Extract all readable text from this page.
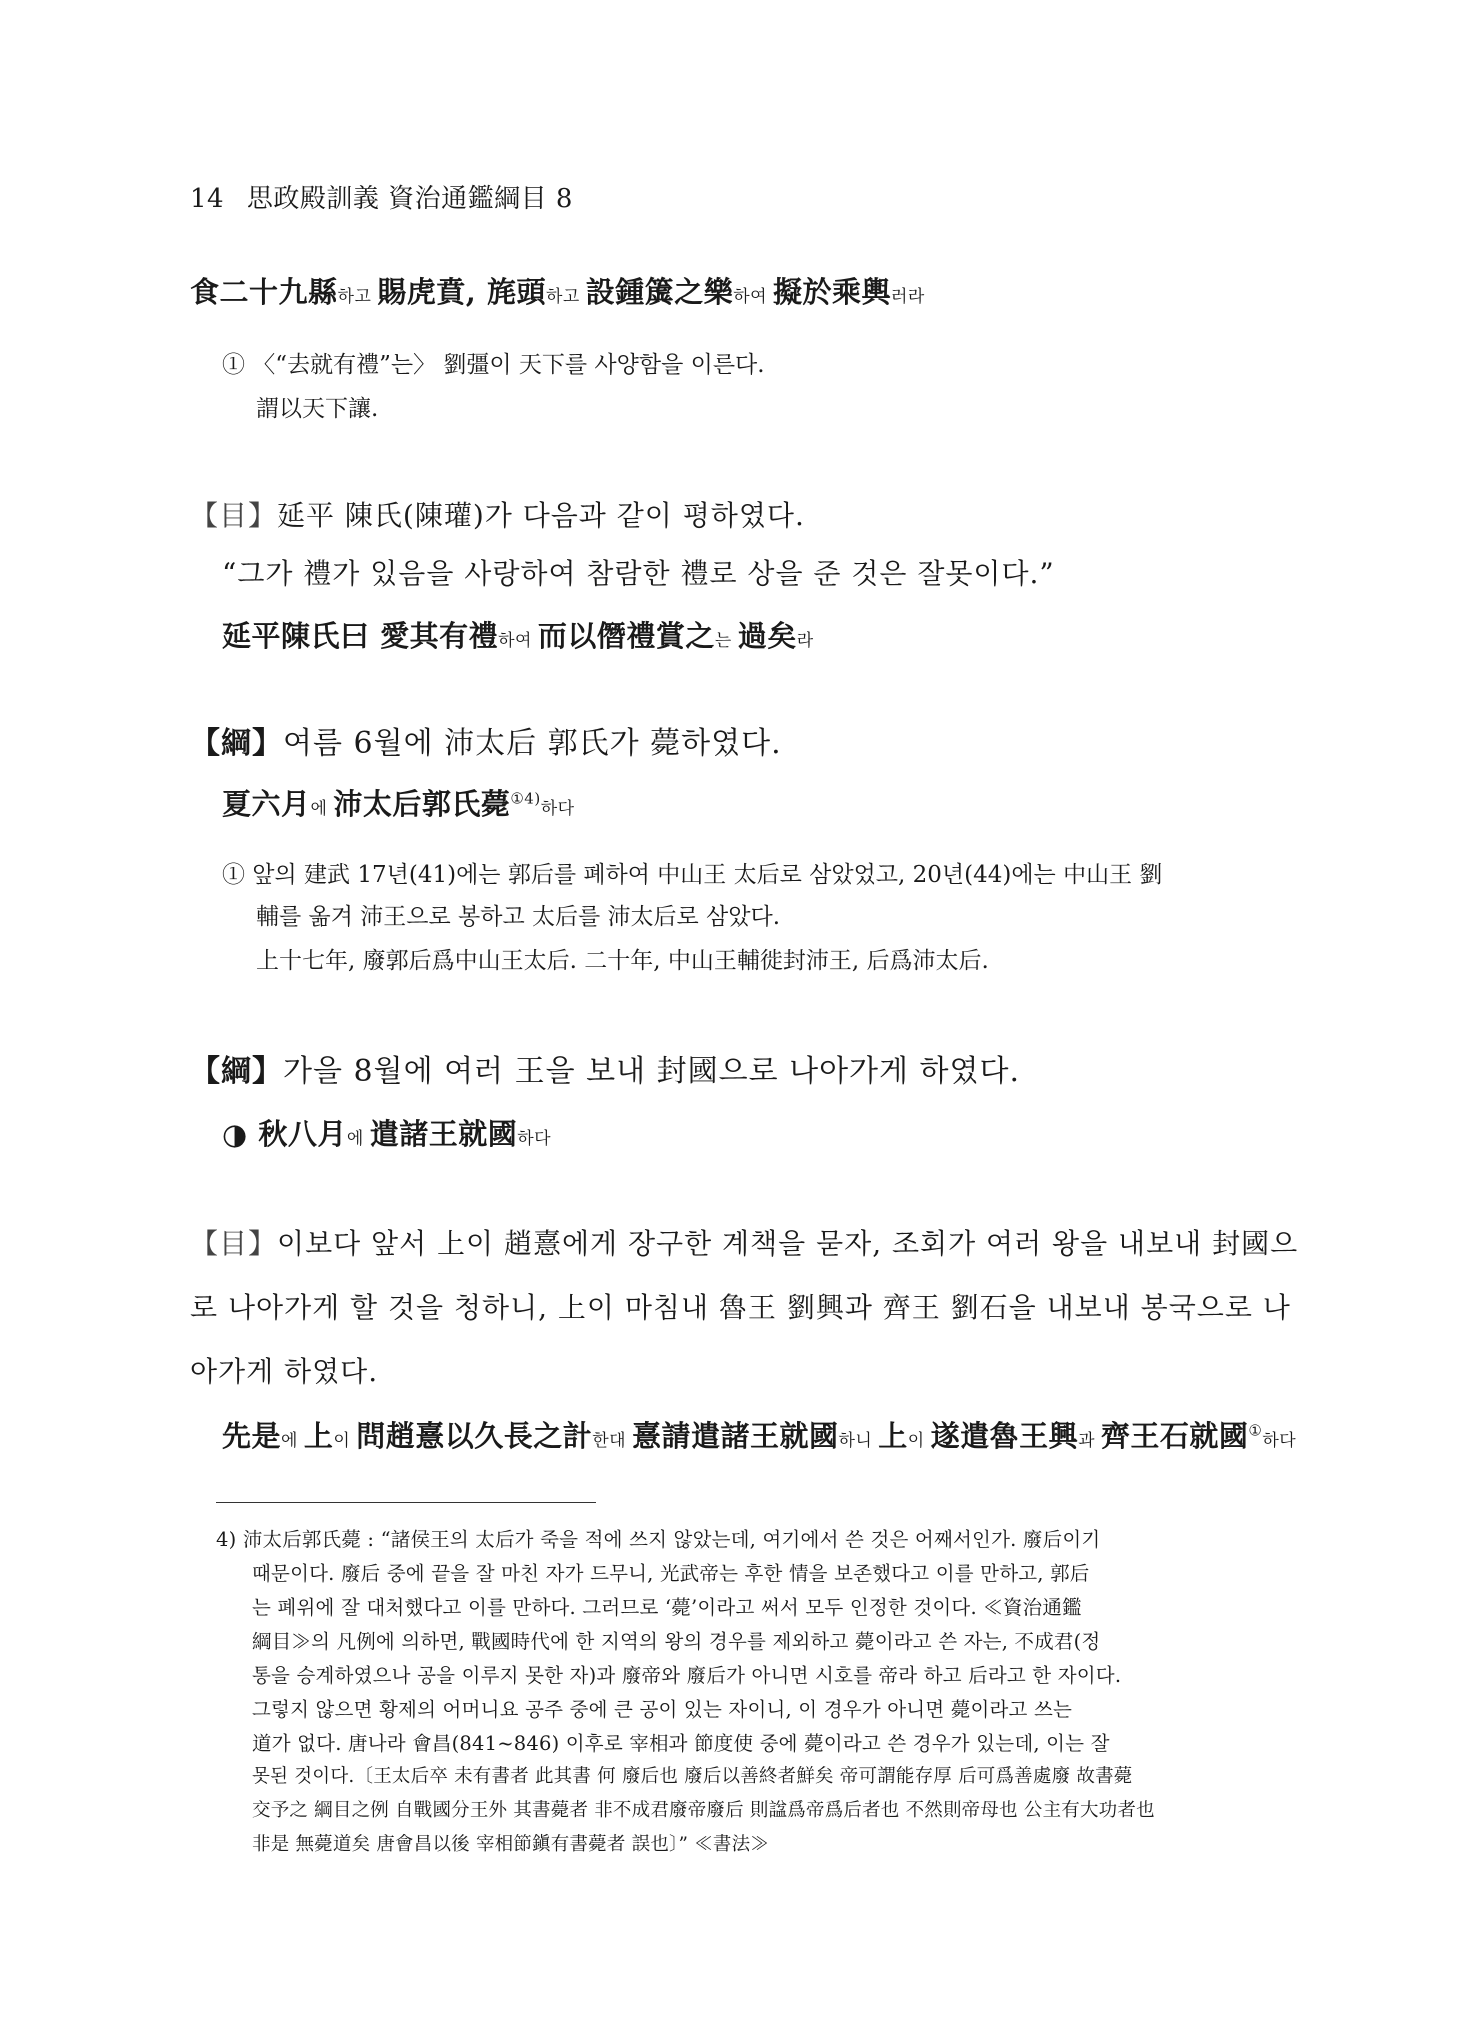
14 思政殿訓義 資治通鑑綱目 8
食二十九縣하고 賜虎賁, 旄頭하고 設鍾簴之樂하여 擬於乘輿러라
① 〈“去就有禮”는〉 劉彊이 天下를 사양함을 이른다.
謂以天下讓.
【目】延平 陳氏(陳瓘)가 다음과 같이 평하였다.
“그가 禮가 있음을 사랑하여 참람한 禮로 상을 준 것은 잘못이다.”
延平陳氏曰 愛其有禮하여 而以僭禮賞之는 過矣라
【綱】여름 6월에 沛太后 郭氏가 薨하였다.
夏六月에 沛太后郭氏薨$^{①4)}$하다
① 앞의 建武 17년(41)에는 郭后를 폐하여 中山王 太后로 삼았었고, 20년(44)에는 中山王 劉
輔를 옮겨 沛王으로 봉하고 太后를 沛太后로 삼았다.
上十七年, 廢郭后爲中山王太后. 二十年, 中山王輔徙封沛王, 后爲沛太后.
【綱】가을 8월에 여러 王을 보내 封國으로 나아가게 하였다.
◑ 秋八月에 遣諸王就國하다
【目】이보다 앞서 上이 趙憙에게 장구한 계책을 묻자, 조회가 여러 왕을 내보내 封國으
로 나아가게 할 것을 청하니, 上이 마침내 魯王 劉興과 齊王 劉石을 내보내 봉국으로 나
아가게 하였다.
先是에 上이 問趙憙以久長之計한대 憙請遣諸王就國하니 上이 遂遣魯王興과 齊王石就國①하다
4) 沛太后郭氏薨 : “諸侯王의 太后가 죽을 적에 쓰지 않았는데, 여기에서 쓴 것은 어째서인가. 廢后이기
때문이다. 廢后 중에 끝을 잘 마친 자가 드무니, 光武帝는 후한 情을 보존했다고 이를 만하고, 郭后
는 폐위에 잘 대처했다고 이를 만하다. 그러므로 ‘薨’이라고 써서 모두 인정한 것이다. ≪資治通鑑
綱目≫의 凡例에 의하면, 戰國時代에 한 지역의 왕의 경우를 제외하고 薨이라고 쓴 자는, 不成君(정
통을 승계하였으나 공을 이루지 못한 자)과 廢帝와 廢后가 아니면 시호를 帝라 하고 后라고 한 자이다.
그렇지 않으면 황제의 어머니요 공주 중에 큰 공이 있는 자이니, 이 경우가 아니면 薨이라고 쓰는
道가 없다. 唐나라 會昌(841~846) 이후로 宰相과 節度使 중에 薨이라고 쓴 경우가 있는데, 이는 잘
못된 것이다.〔王太后卒 未有書者 此其書 何 廢后也 廢后以善終者鮮矣 帝可謂能存厚 后可爲善處廢 故書薨
交予之 綱目之例 自戰國分王外 其書薨者 非不成君廢帝廢后 則諡爲帝爲后者也 不然則帝母也 公主有大功者也
非是 無薨道矣 唐會昌以後 宰相節鎭有書薨者 誤也〕” ≪書法≫
